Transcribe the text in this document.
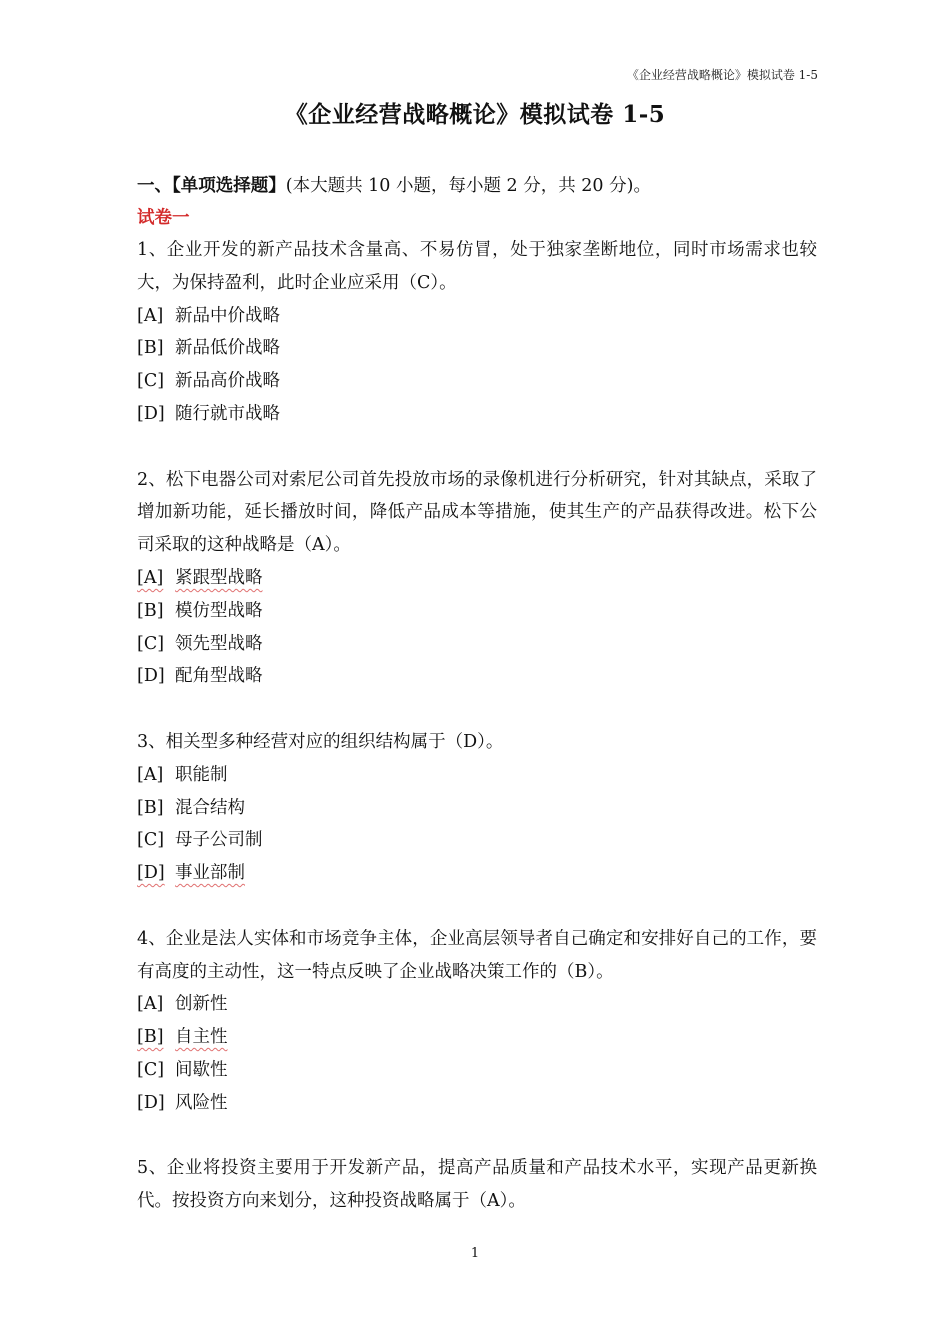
《企业经营战略概论》模拟试卷 1-5
《企业经营战略概论》模拟试卷 1-5
一、【单项选择题】(本大题共 10 小题，每小题 2 分，共 20 分)。
试卷一
1、企业开发的新产品技术含量高、不易仿冒，处于独家垄断地位，同时市场需求也较大，为保持盈利，此时企业应采用（C）。
[A] 新品中价战略
[B] 新品低价战略
[C] 新品高价战略
[D] 随行就市战略
2、松下电器公司对索尼公司首先投放市场的录像机进行分析研究，针对其缺点，采取了增加新功能，延长播放时间，降低产品成本等措施，使其生产的产品获得改进。松下公司采取的这种战略是（A）。
[A] 紧跟型战略
[B] 模仿型战略
[C] 领先型战略
[D] 配角型战略
3、相关型多种经营对应的组织结构属于（D）。
[A] 职能制
[B] 混合结构
[C] 母子公司制
[D] 事业部制
4、企业是法人实体和市场竞争主体，企业高层领导者自己确定和安排好自己的工作，要有高度的主动性，这一特点反映了企业战略决策工作的（B）。
[A] 创新性
[B] 自主性
[C] 间歇性
[D] 风险性
5、企业将投资主要用于开发新产品，提高产品质量和产品技术水平，实现产品更新换代。按投资方向来划分，这种投资战略属于（A）。
1
